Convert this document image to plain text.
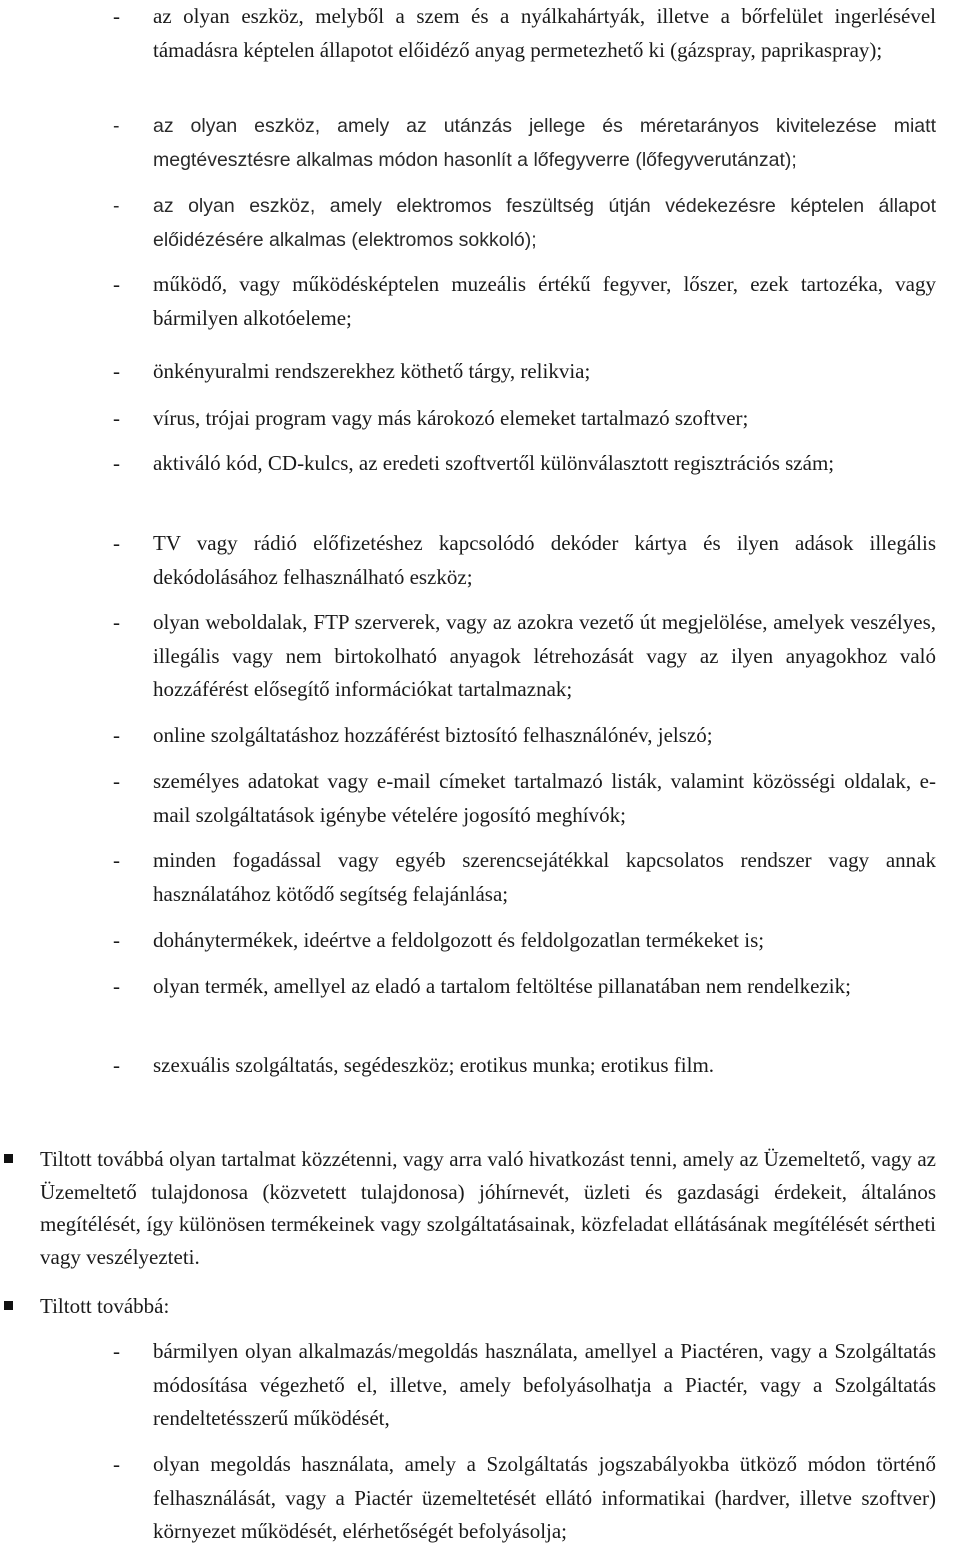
- az olyan eszköz, melyből a szem és a nyálkahártyák, illetve a bőrfelület ingerlésével támadásra képtelen állapotot előidéző anyag permetezhető ki (gázspray, paprikaspray);
- az olyan eszköz, amely az utánzás jellege és méretarányos kivitelezése miatt megtévesztésre alkalmas módon hasonlít a lőfegyverre (lőfegyverutánzat);
- az olyan eszköz, amely elektromos feszültség útján védekezésre képtelen állapot előidézésére alkalmas (elektromos sokkoló);
- működő, vagy működésképtelen muzeális értékű fegyver, lőszer, ezek tartozéka, vagy bármilyen alkotóeleme;
- önkényuralmi rendszerekhez köthető tárgy, relikvia;
- vírus, trójai program vagy más károkozó elemeket tartalmazó szoftver;
- aktiváló kód, CD-kulcs, az eredeti szoftvertől különválasztott regisztrációs szám;
- TV vagy rádió előfizetéshez kapcsolódó dekóder kártya és ilyen adások illegális dekódolásához felhasználható eszköz;
- olyan weboldalak, FTP szerverek, vagy az azokra vezető út megjelölése, amelyek veszélyes, illegális vagy nem birtokolható anyagok létrehozását vagy az ilyen anyagokhoz való hozzáférést elősegítő információkat tartalmaznak;
- online szolgáltatáshoz hozzáférést biztosító felhasználónév, jelszó;
- személyes adatokat vagy e-mail címeket tartalmazó listák, valamint közösségi oldalak, e-mail szolgáltatások igénybe vételére jogosító meghívók;
- minden fogadással vagy egyéb szerencsejátékkal kapcsolatos rendszer vagy annak használatához kötődő segítség felajánlása;
- dohánytermékek, ideértve a feldolgozott és feldolgozatlan termékeket is;
- olyan termék, amellyel az eladó a tartalom feltöltése pillanatában nem rendelkezik;
- szexuális szolgáltatás, segédeszköz; erotikus munka; erotikus film.
Tiltott továbbá olyan tartalmat közzétenni, vagy arra való hivatkozást tenni, amely az Üzemeltető, vagy az Üzemeltető tulajdonosa (közvetett tulajdonosa) jóhírnevét, üzleti és gazdasági érdekeit, általános megítélését, így különösen termékeinek vagy szolgáltatásainak, közfeladat ellátásának megítélését sértheti vagy veszélyezteti.
Tiltott továbbá:
- bármilyen olyan alkalmazás/megoldás használata, amellyel a Piactéren, vagy a Szolgáltatás módosítása végezhető el, illetve, amely befolyásolhatja a Piactér, vagy a Szolgáltatás rendeltetésszerű működését,
- olyan megoldás használata, amely a Szolgáltatás jogszabályokba ütköző módon történő felhasználását, vagy a Piactér üzemeltetését ellátó informatikai (hardver, illetve szoftver) környezet működését, elérhetőségét befolyásolja;
